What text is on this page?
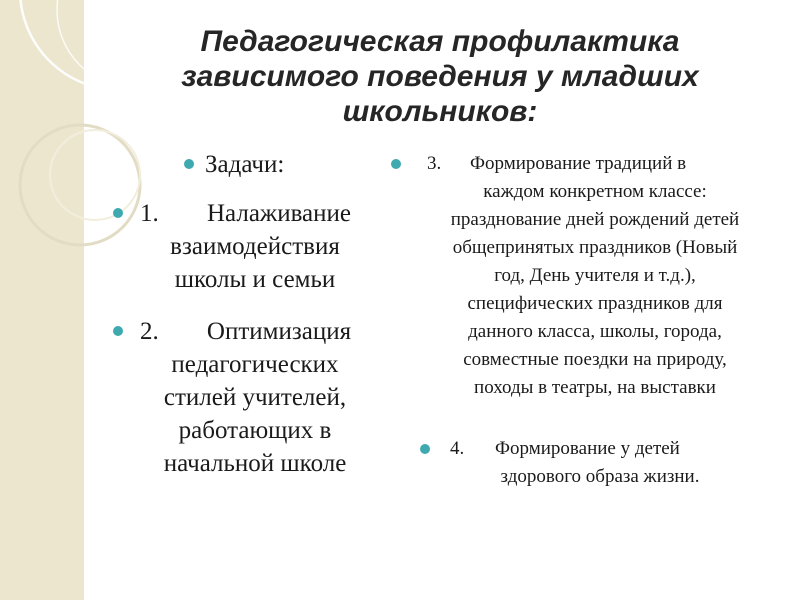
Педагогическая профилактика
зависимого поведения у младших
школьников:
Задачи:
1.	Налаживание
взаимодействия
школы и семьи
2.	Оптимизация
педагогических
стилей учителей,
работающих в
начальной школе
3. Формирование традиций в
каждом конкретном классе:
празднование дней рождений детей
общепринятых праздников (Новый
год, День учителя и т.д.),
специфических праздников для
данного класса, школы, города,
совместные поездки на природу,
походы в театры, на выставки
4. Формирование у детей
здорового образа жизни.
